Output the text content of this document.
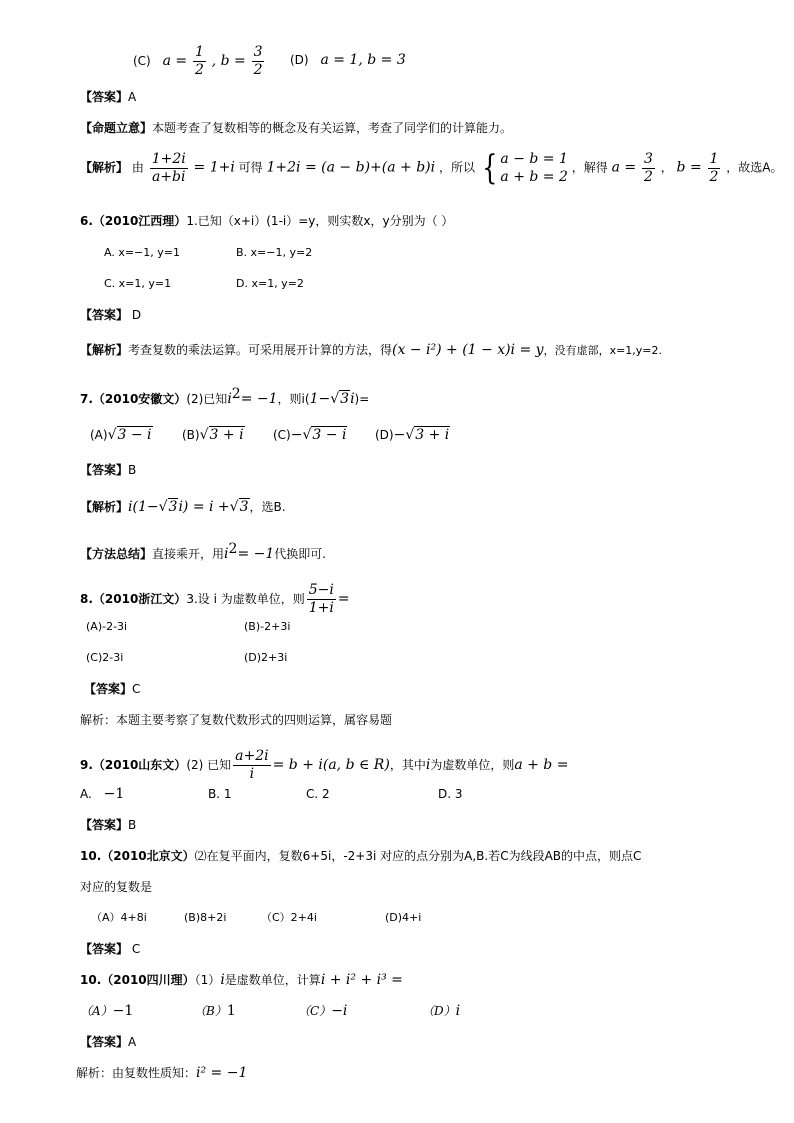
(C) $a = \frac{1}{2}$ , $b = \frac{3}{2} (D) a = 1$, b = 3
【答案】A
【命题立意】本题考查了复数相等的概念及有关运算，考查了同学们的计算能力。
【解析】 由 $\frac{1+2i}{a+bi} = 1+i$ 可得 1+2i = (a − b)+(a + b)i ，所以 { a − b = 1
a + b = 2
，解得 $a = \frac{3}{2}$ ， $b = \frac{1}{2}$ ，故选A。
6.（2010江西理）1.已知（x+i）(1-i）=y，则实数x，y分别为（ ）
A. x=−1, y=1	B. x=−1, y=2
C. x=1, y=1	D. x=1, y=2
【答案】 D
【解析】考查复数的乘法运算。可采用展开计算的方法，得(x − i²) + (1 − x)i = y，没有虚部，x=1,y=2.
7.（2010安徽文）(2)已知$i^2= -1$，则i(1−√3i)=
(A)√3 − i	(B)√3 + i (C)−√3 − i (D)−√3 + i
【答案】B
【解析】i(1−√3i) = i +√3，选B.
【方法总结】直接乘开，用$i^2= -1$代换即可.
8.（2010浙江文）3.设 i 为虚数单位，则 $\frac{5-i}{1+i}$ =
(A)-2-3i	(B)-2+3i
(C)2-3i	(D)2+3i
【答案】C
解析：本题主要考察了复数代数形式的四则运算，属容易题
9.（2010山东文）(2) 已知 $\frac{a+2i}{i} = b + i(a$, b ∈ R)，其中i为虚数单位，则a + b =
A. −1	B. 1	C. 2	D. 3
【答案】B
10.（2010北京文）⑵在复平面内，复数6+5i，-2+3i 对应的点分别为A,B.若C为线段AB的中点，则点C
对应的复数是
（A）4+8i	(B)8+2i	（C）2+4i	(D)4+i
【答案】 C
10.（2010四川理）（1）i是虚数单位，计算i + i² + i³ =
（A）−1	（B）1	（C）−i	（D）i
【答案】A
解析：由复数性质知：i² = −1
